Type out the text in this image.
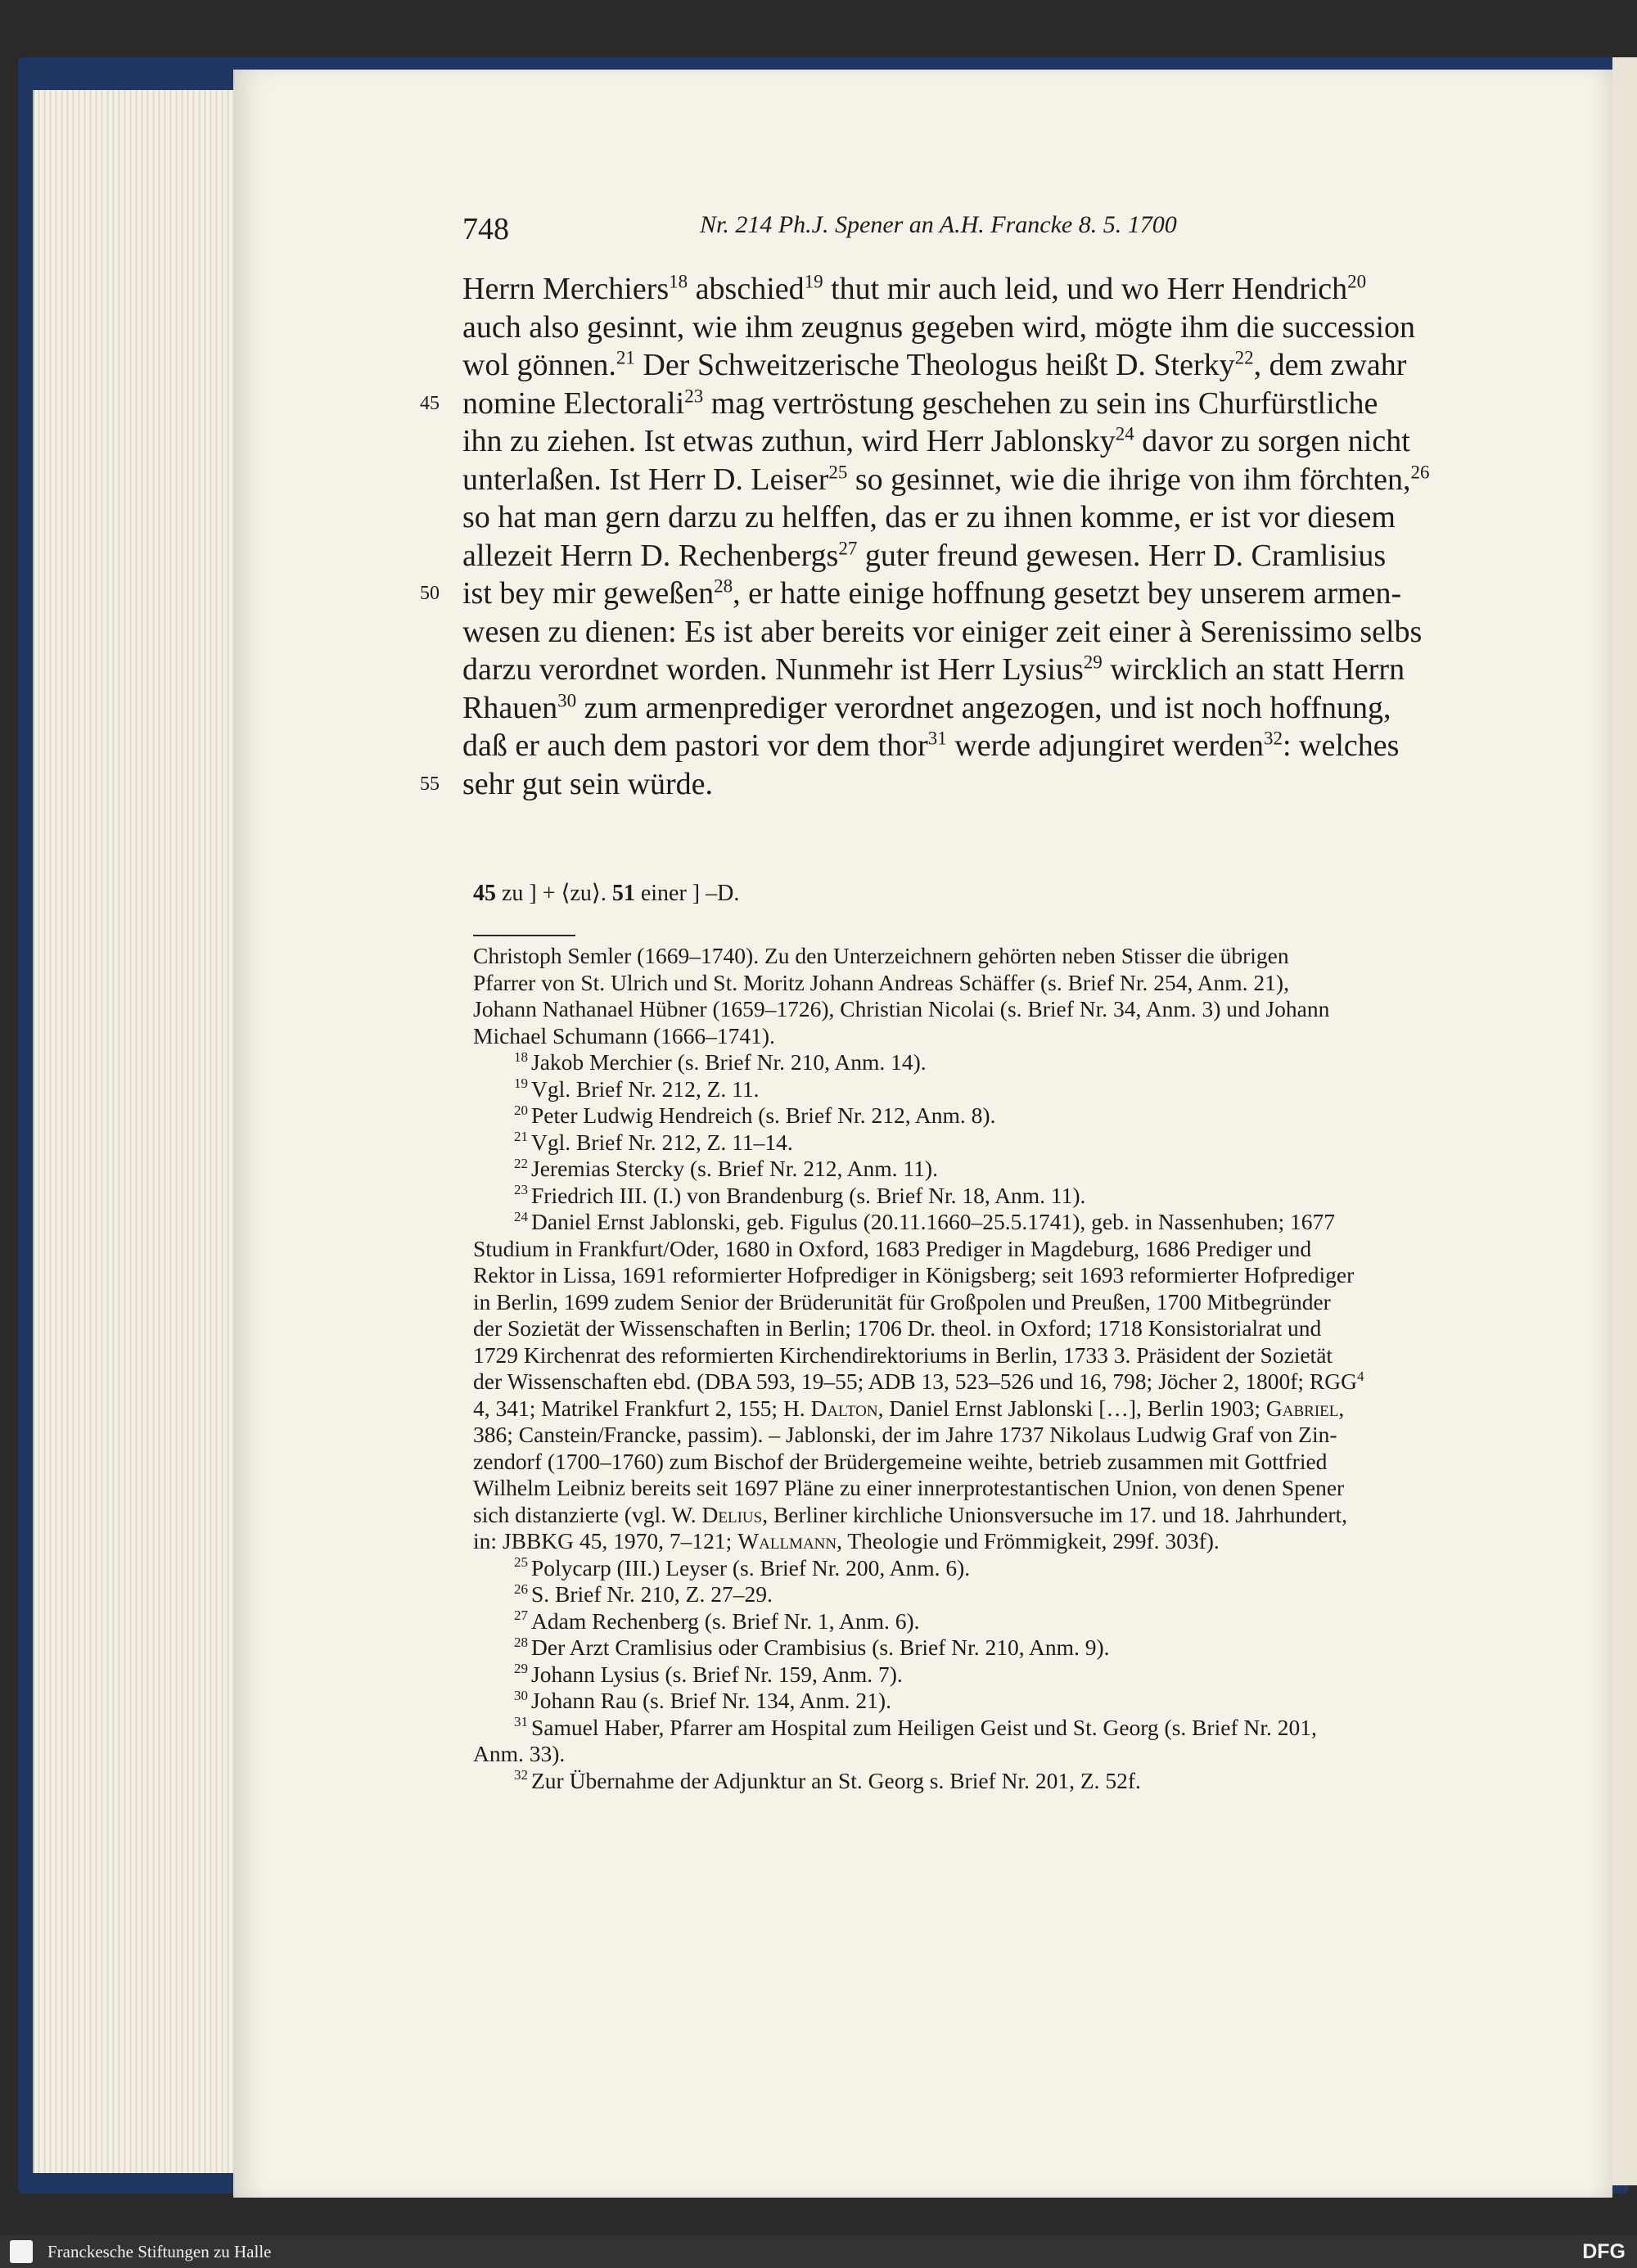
748	Nr. 214 Ph.J. Spener an A.H. Francke 8. 5. 1700
Herrn Merchiers$^{18}$ abschied$^{19}$ thut mir auch leid, und wo Herr Hendrich$^{20}$
auch also gesinnt, wie ihm zeugnus gegeben wird, mögte ihm die succession
wol gönnen.$^{21}$ Der Schweitzerische Theologus heißt D. Sterky$^{22}$, dem zwahr
45 nomine Electorali$^{23}$ mag vertröstung geschehen zu sein ins Churfürstliche
ihn zu ziehen. Ist etwas zuthun, wird Herr Jablonsky$^{24}$ davor zu sorgen nicht
unterlaßen. Ist Herr D. Leiser$^{25}$ so gesinnet, wie die ihrige von ihm förchten,$^{26}$
so hat man gern darzu zu helffen, das er zu ihnen komme, er ist vor diesem
allezeit Herrn D. Rechenbergs$^{27}$ guter freund gewesen. Herr D. Cramlisius
50 ist bey mir geweßen$^{28}$, er hatte einige hoffnung gesetzt bey unserem armen-
wesen zu dienen: Es ist aber bereits vor einiger zeit einer à Serenissimo selbs
darzu verordnet worden. Nunmehr ist Herr Lysius$^{29}$ wircklich an statt Herrn
Rhauen$^{30}$ zum armenprediger verordnet angezogen, und ist noch hoffnung,
daß er auch dem pastori vor dem thor$^{31}$ werde adjungiret werden$^{32}$: welches
55 sehr gut sein würde.
45 zu ] + ⟨zu⟩. 51 einer ] –D.
Christoph Semler (1669–1740). Zu den Unterzeichnern gehörten neben Stisser die übrigen
Pfarrer von St. Ulrich und St. Moritz Johann Andreas Schäffer (s. Brief Nr. 254, Anm. 21),
Johann Nathanael Hübner (1659–1726), Christian Nicolai (s. Brief Nr. 34, Anm. 3) und Johann
Michael Schumann (1666–1741).
$^{18}$ Jakob Merchier (s. Brief Nr. 210, Anm. 14).
$^{19}$ Vgl. Brief Nr. 212, Z. 11.
$^{20}$ Peter Ludwig Hendreich (s. Brief Nr. 212, Anm. 8).
$^{21}$ Vgl. Brief Nr. 212, Z. 11–14.
$^{22}$ Jeremias Stercky (s. Brief Nr. 212, Anm. 11).
$^{23}$ Friedrich III. (I.) von Brandenburg (s. Brief Nr. 18, Anm. 11).
$^{24}$ Daniel Ernst Jablonski, geb. Figulus (20.11.1660–25.5.1741), geb. in Nassenhuben; 1677
Studium in Frankfurt/Oder, 1680 in Oxford, 1683 Prediger in Magdeburg, 1686 Prediger und
Rektor in Lissa, 1691 reformierter Hofprediger in Königsberg; seit 1693 reformierter Hofprediger
in Berlin, 1699 zudem Senior der Brüderunität für Großpolen und Preußen, 1700 Mitbegründer
der Sozietät der Wissenschaften in Berlin; 1706 Dr. theol. in Oxford; 1718 Konsistorialrat und
1729 Kirchenrat des reformierten Kirchendirektoriums in Berlin, 1733 3. Präsident der Sozietät
der Wissenschaften ebd. (DBA 593, 19–55; ADB 13, 523–526 und 16, 798; Jöcher 2, 1800f; RGG$^4$
4, 341; Matrikel Frankfurt 2, 155; H. Dalton, Daniel Ernst Jablonski […], Berlin 1903; Gabriel,
386; Canstein/Francke, passim). – Jablonski, der im Jahre 1737 Nikolaus Ludwig Graf von Zin-
zendorf (1700–1760) zum Bischof der Brüdergemeine weihte, betrieb zusammen mit Gottfried
Wilhelm Leibniz bereits seit 1697 Pläne zu einer innerprotestantischen Union, von denen Spener
sich distanzierte (vgl. W. Delius, Berliner kirchliche Unionsversuche im 17. und 18. Jahrhundert,
in: JBBKG 45, 1970, 7–121; Wallmann, Theologie und Frömmigkeit, 299f. 303f).
$^{25}$ Polycarp (III.) Leyser (s. Brief Nr. 200, Anm. 6).
$^{26}$ S. Brief Nr. 210, Z. 27–29.
$^{27}$ Adam Rechenberg (s. Brief Nr. 1, Anm. 6).
$^{28}$ Der Arzt Cramlisius oder Crambisius (s. Brief Nr. 210, Anm. 9).
$^{29}$ Johann Lysius (s. Brief Nr. 159, Anm. 7).
$^{30}$ Johann Rau (s. Brief Nr. 134, Anm. 21).
$^{31}$ Samuel Haber, Pfarrer am Hospital zum Heiligen Geist und St. Georg (s. Brief Nr. 201,
Anm. 33).
$^{32}$ Zur Übernahme der Adjunktur an St. Georg s. Brief Nr. 201, Z. 52f.
Franckesche Stiftungen zu Halle	DFG
